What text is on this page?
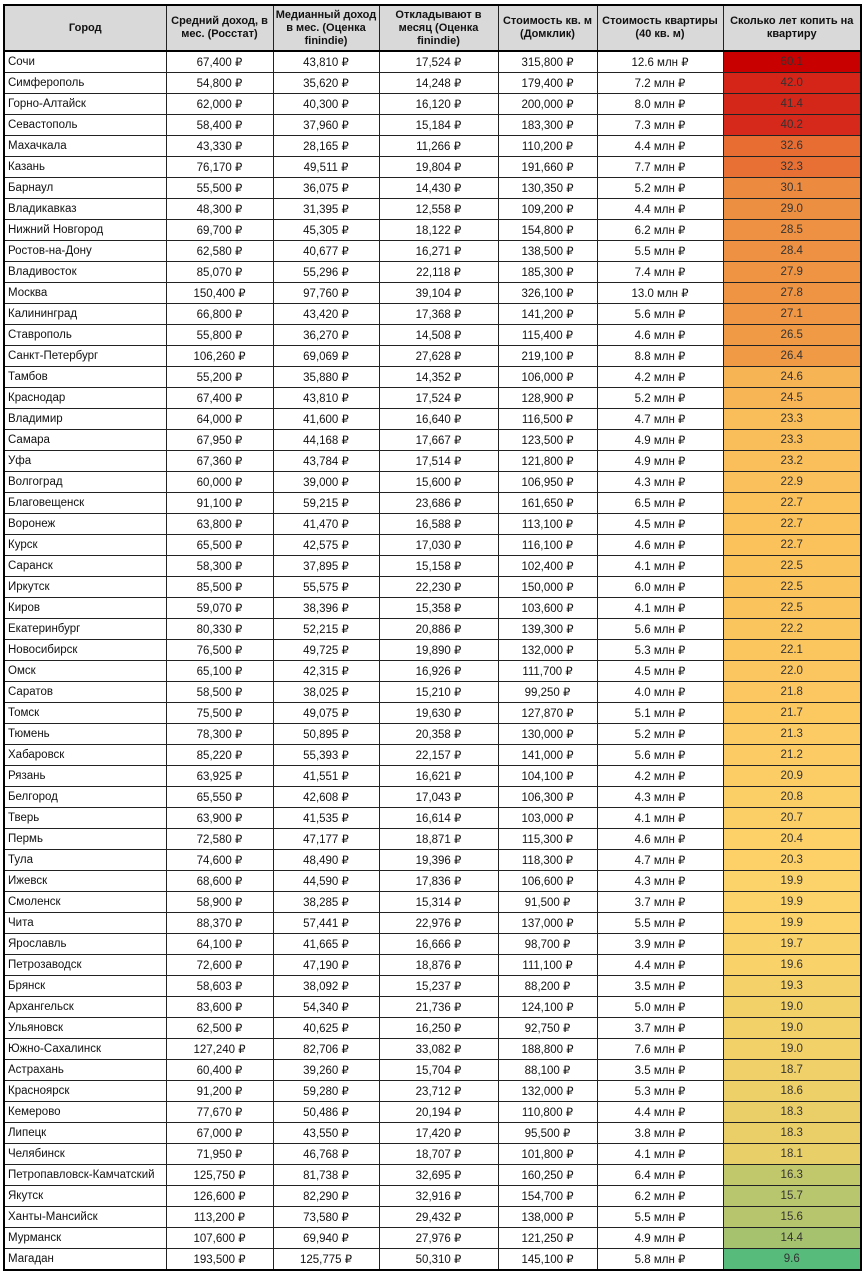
Город	Средний доход, в мес. (Росстат)	Медианный доход в мес. (Оценка finindie)	Откладывают в месяц (Оценка finindie)	Стоимость кв. м (Домклик)	Стоимость квартиры (40 кв. м)	Сколько лет копить на квартиру
Сочи	67,400 ₽	43,810 ₽	17,524 ₽	315,800 ₽	12.6 млн ₽	60.1
Симферополь	54,800 ₽	35,620 ₽	14,248 ₽	179,400 ₽	7.2 млн ₽	42.0
Горно-Алтайск	62,000 ₽	40,300 ₽	16,120 ₽	200,000 ₽	8.0 млн ₽	41.4
Севастополь	58,400 ₽	37,960 ₽	15,184 ₽	183,300 ₽	7.3 млн ₽	40.2
Махачкала	43,330 ₽	28,165 ₽	11,266 ₽	110,200 ₽	4.4 млн ₽	32.6
Казань	76,170 ₽	49,511 ₽	19,804 ₽	191,660 ₽	7.7 млн ₽	32.3
Барнаул	55,500 ₽	36,075 ₽	14,430 ₽	130,350 ₽	5.2 млн ₽	30.1
Владикавказ	48,300 ₽	31,395 ₽	12,558 ₽	109,200 ₽	4.4 млн ₽	29.0
Нижний Новгород	69,700 ₽	45,305 ₽	18,122 ₽	154,800 ₽	6.2 млн ₽	28.5
Ростов-на-Дону	62,580 ₽	40,677 ₽	16,271 ₽	138,500 ₽	5.5 млн ₽	28.4
Владивосток	85,070 ₽	55,296 ₽	22,118 ₽	185,300 ₽	7.4 млн ₽	27.9
Москва	150,400 ₽	97,760 ₽	39,104 ₽	326,100 ₽	13.0 млн ₽	27.8
Калининград	66,800 ₽	43,420 ₽	17,368 ₽	141,200 ₽	5.6 млн ₽	27.1
Ставрополь	55,800 ₽	36,270 ₽	14,508 ₽	115,400 ₽	4.6 млн ₽	26.5
Санкт-Петербург	106,260 ₽	69,069 ₽	27,628 ₽	219,100 ₽	8.8 млн ₽	26.4
Тамбов	55,200 ₽	35,880 ₽	14,352 ₽	106,000 ₽	4.2 млн ₽	24.6
Краснодар	67,400 ₽	43,810 ₽	17,524 ₽	128,900 ₽	5.2 млн ₽	24.5
Владимир	64,000 ₽	41,600 ₽	16,640 ₽	116,500 ₽	4.7 млн ₽	23.3
Самара	67,950 ₽	44,168 ₽	17,667 ₽	123,500 ₽	4.9 млн ₽	23.3
Уфа	67,360 ₽	43,784 ₽	17,514 ₽	121,800 ₽	4.9 млн ₽	23.2
Волгоград	60,000 ₽	39,000 ₽	15,600 ₽	106,950 ₽	4.3 млн ₽	22.9
Благовещенск	91,100 ₽	59,215 ₽	23,686 ₽	161,650 ₽	6.5 млн ₽	22.7
Воронеж	63,800 ₽	41,470 ₽	16,588 ₽	113,100 ₽	4.5 млн ₽	22.7
Курск	65,500 ₽	42,575 ₽	17,030 ₽	116,100 ₽	4.6 млн ₽	22.7
Саранск	58,300 ₽	37,895 ₽	15,158 ₽	102,400 ₽	4.1 млн ₽	22.5
Иркутск	85,500 ₽	55,575 ₽	22,230 ₽	150,000 ₽	6.0 млн ₽	22.5
Киров	59,070 ₽	38,396 ₽	15,358 ₽	103,600 ₽	4.1 млн ₽	22.5
Екатеринбург	80,330 ₽	52,215 ₽	20,886 ₽	139,300 ₽	5.6 млн ₽	22.2
Новосибирск	76,500 ₽	49,725 ₽	19,890 ₽	132,000 ₽	5.3 млн ₽	22.1
Омск	65,100 ₽	42,315 ₽	16,926 ₽	111,700 ₽	4.5 млн ₽	22.0
Саратов	58,500 ₽	38,025 ₽	15,210 ₽	99,250 ₽	4.0 млн ₽	21.8
Томск	75,500 ₽	49,075 ₽	19,630 ₽	127,870 ₽	5.1 млн ₽	21.7
Тюмень	78,300 ₽	50,895 ₽	20,358 ₽	130,000 ₽	5.2 млн ₽	21.3
Хабаровск	85,220 ₽	55,393 ₽	22,157 ₽	141,000 ₽	5.6 млн ₽	21.2
Рязань	63,925 ₽	41,551 ₽	16,621 ₽	104,100 ₽	4.2 млн ₽	20.9
Белгород	65,550 ₽	42,608 ₽	17,043 ₽	106,300 ₽	4.3 млн ₽	20.8
Тверь	63,900 ₽	41,535 ₽	16,614 ₽	103,000 ₽	4.1 млн ₽	20.7
Пермь	72,580 ₽	47,177 ₽	18,871 ₽	115,300 ₽	4.6 млн ₽	20.4
Тула	74,600 ₽	48,490 ₽	19,396 ₽	118,300 ₽	4.7 млн ₽	20.3
Ижевск	68,600 ₽	44,590 ₽	17,836 ₽	106,600 ₽	4.3 млн ₽	19.9
Смоленск	58,900 ₽	38,285 ₽	15,314 ₽	91,500 ₽	3.7 млн ₽	19.9
Чита	88,370 ₽	57,441 ₽	22,976 ₽	137,000 ₽	5.5 млн ₽	19.9
Ярославль	64,100 ₽	41,665 ₽	16,666 ₽	98,700 ₽	3.9 млн ₽	19.7
Петрозаводск	72,600 ₽	47,190 ₽	18,876 ₽	111,100 ₽	4.4 млн ₽	19.6
Брянск	58,603 ₽	38,092 ₽	15,237 ₽	88,200 ₽	3.5 млн ₽	19.3
Архангельск	83,600 ₽	54,340 ₽	21,736 ₽	124,100 ₽	5.0 млн ₽	19.0
Ульяновск	62,500 ₽	40,625 ₽	16,250 ₽	92,750 ₽	3.7 млн ₽	19.0
Южно-Сахалинск	127,240 ₽	82,706 ₽	33,082 ₽	188,800 ₽	7.6 млн ₽	19.0
Астрахань	60,400 ₽	39,260 ₽	15,704 ₽	88,100 ₽	3.5 млн ₽	18.7
Красноярск	91,200 ₽	59,280 ₽	23,712 ₽	132,000 ₽	5.3 млн ₽	18.6
Кемерово	77,670 ₽	50,486 ₽	20,194 ₽	110,800 ₽	4.4 млн ₽	18.3
Липецк	67,000 ₽	43,550 ₽	17,420 ₽	95,500 ₽	3.8 млн ₽	18.3
Челябинск	71,950 ₽	46,768 ₽	18,707 ₽	101,800 ₽	4.1 млн ₽	18.1
Петропавловск-Камчатский	125,750 ₽	81,738 ₽	32,695 ₽	160,250 ₽	6.4 млн ₽	16.3
Якутск	126,600 ₽	82,290 ₽	32,916 ₽	154,700 ₽	6.2 млн ₽	15.7
Ханты-Мансийск	113,200 ₽	73,580 ₽	29,432 ₽	138,000 ₽	5.5 млн ₽	15.6
Мурманск	107,600 ₽	69,940 ₽	27,976 ₽	121,250 ₽	4.9 млн ₽	14.4
Магадан	193,500 ₽	125,775 ₽	50,310 ₽	145,100 ₽	5.8 млн ₽	9.6
